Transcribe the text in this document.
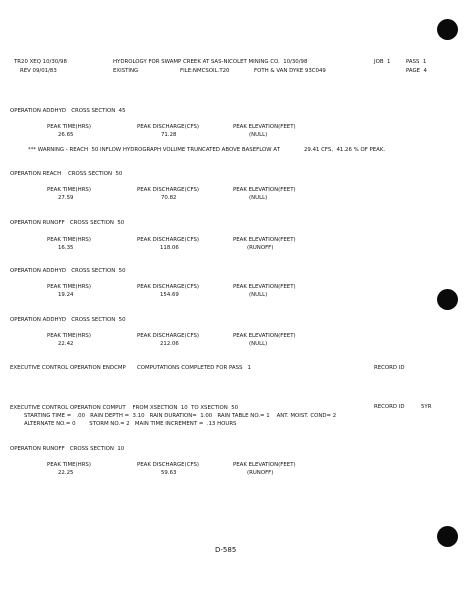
TR20 XEQ 10/30/98
REV 09/01/83
HYDROLOGY FOR SWAMP CREEK AT SAS-NICOLET MINING CO.  10/30/98
EXISTING	FILE:NMCSOIL.T20	FOTH & VAN DYKE 93C049
JOB  1	PASS  1
PAGE  4
OPERATION ADDHYD   CROSS SECTION  45
PEAK TIME(HRS)	PEAK DISCHARGE(CFS)	PEAK ELEVATION(FEET)
26.65	71.28	(NULL)
*** WARNING - REACH  50 INFLOW HYDROGRAPH VOLUME TRUNCATED ABOVE BASEFLOW AT	29.41 CFS,  41.26 % OF PEAK.
OPERATION REACH    CROSS SECTION  50
PEAK TIME(HRS)	PEAK DISCHARGE(CFS)	PEAK ELEVATION(FEET)
27.59	70.82	(NULL)
OPERATION RUNOFF   CROSS SECTION  50
PEAK TIME(HRS)	PEAK DISCHARGE(CFS)	PEAK ELEVATION(FEET)
16.35	118.06	(RUNOFF)
OPERATION ADDHYD   CROSS SECTION  50
PEAK TIME(HRS)	PEAK DISCHARGE(CFS)	PEAK ELEVATION(FEET)
19.24	154.69	(NULL)
OPERATION ADDHYD   CROSS SECTION  50
PEAK TIME(HRS)	PEAK DISCHARGE(CFS)	PEAK ELEVATION(FEET)
22.42	212.06	(NULL)
EXECUTIVE CONTROL OPERATION ENDCMP COMPUTATIONS COMPLETED FOR PASS   1	RECORD ID
EXECUTIVE CONTROL OPERATION COMPUT    FROM XSECTION  10  TO XSECTION  50	RECORD ID	5YR
STARTING TIME =   .00   RAIN DEPTH =  3.10   RAIN DURATION=  1.00   RAIN TABLE NO.= 1    ANT. MOIST. COND= 2
ALTERNATE NO.= 0        STORM NO.= 2   MAIN TIME INCREMENT =  .13 HOURS
OPERATION RUNOFF   CROSS SECTION  10
PEAK TIME(HRS)	PEAK DISCHARGE(CFS)	PEAK ELEVATION(FEET)
22.25	59.63	(RUNOFF)
D-585
